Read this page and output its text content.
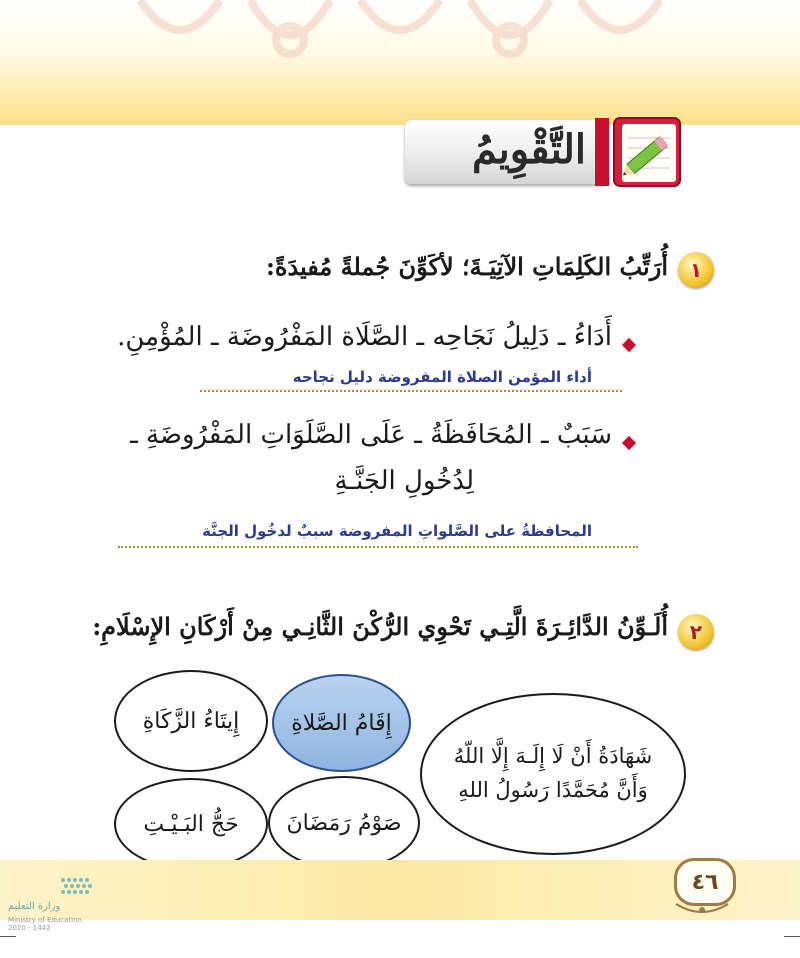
التَّقْوِيمُ
١
أُرَتِّبُ الكَلِمَاتِ الآتِيَـةَ؛ لأكَوِّنَ جُملةً مُفيدَةً:
أَدَاءُ ـ دَلِيلُ نَجَاحِه ـ الصَّلَاة المَفْرُوضَة ـ المُؤْمِنِ.
أداء المؤمن الصلاة المفروضة دليل نجاحه
سَبَبٌ ـ المُحَافَظَةُ ـ عَلَى الصَّلَوَاتِ المَفْرُوضَةِ ـ
لِدُخُولِ الجَنَّـةِ
المحافظةُ على الصَّلواتِ المفروضة سببٌ لدخُول الجنَّة
٢
أُلَـوِّنُ الدَّائِـرَةَ الَّتِـي تَحْوِي الرُّكْنَ الثَّانِـي مِنْ أَرْكَانِ الإِسْلَامِ:
شَهَادَةُ أَنْ لَا إِلَـهَ إِلَّا اللّهُ
وَأَنَّ مُحَمَّدًا رَسُولُ اللهِ
إِقَامُ الصَّلاةِ
إِيتَاءُ الزَّكَاةِ
صَوْمُ رَمَضَانَ
حَجُّ البَـيْـتِ
٤٦
وزارة التعليم
Ministry of Education
2020 - 1442
